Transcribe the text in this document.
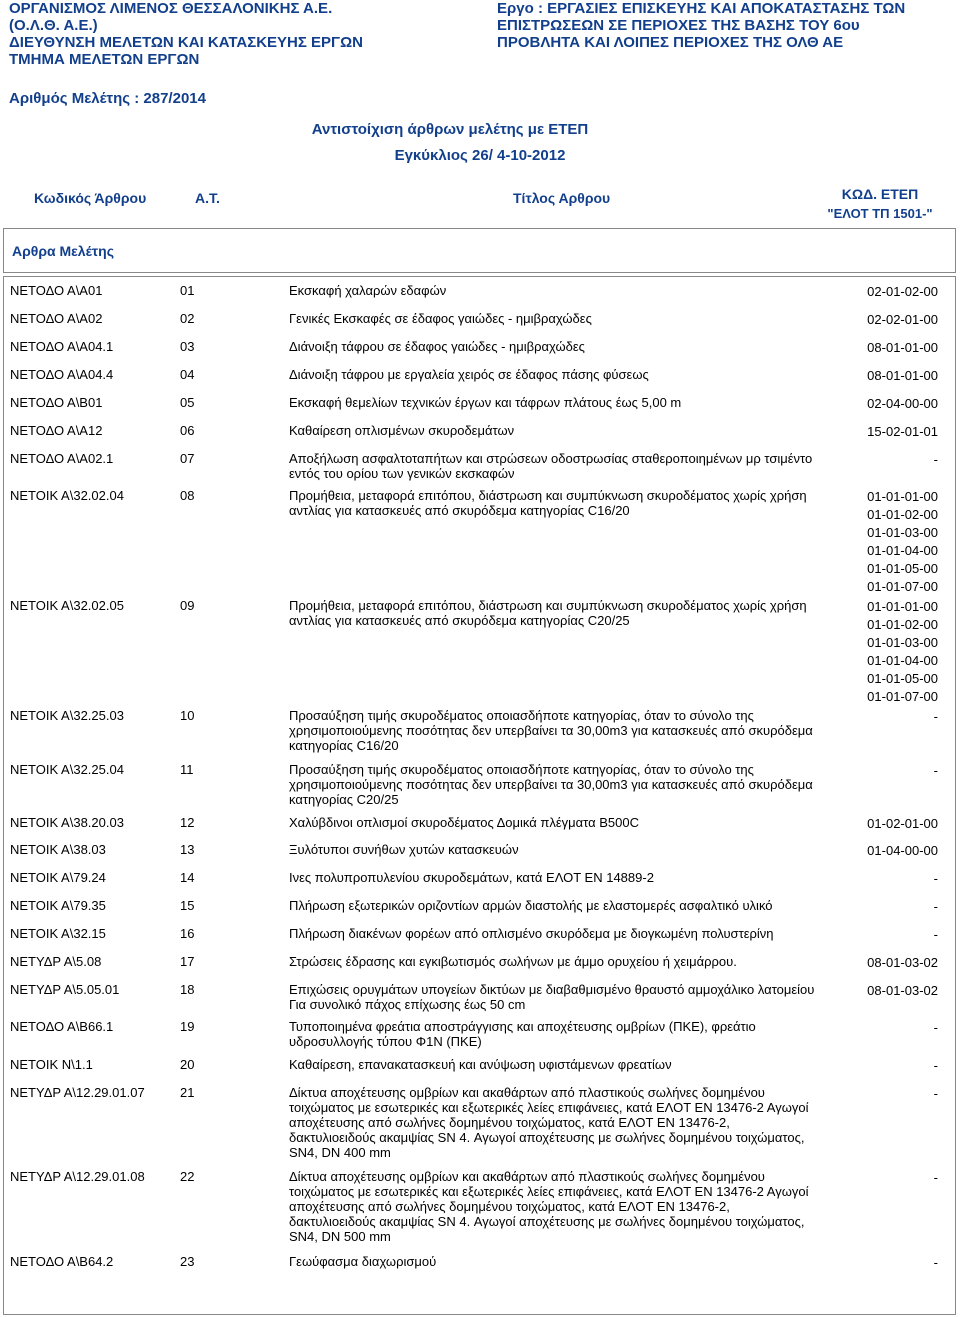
ΟΡΓΑΝΙΣΜΟΣ ΛΙΜΕΝΟΣ ΘΕΣΣΑΛΟΝΙΚΗΣ Α.Ε.
(Ο.Λ.Θ. Α.Ε.)
ΔΙΕΥΘΥΝΣΗ ΜΕΛΕΤΩΝ ΚΑΙ ΚΑΤΑΣΚΕΥΗΣ ΕΡΓΩΝ
ΤΜΗΜΑ ΜΕΛΕΤΩΝ ΕΡΓΩΝ
Εργο : ΕΡΓΑΣΙΕΣ ΕΠΙΣΚΕΥΗΣ ΚΑΙ ΑΠΟΚΑΤΑΣΤΑΣΗΣ ΤΩΝ
ΕΠΙΣΤΡΩΣΕΩΝ ΣΕ ΠΕΡΙΟΧΕΣ ΤΗΣ ΒΑΣΗΣ ΤΟΥ 6ου
ΠΡΟΒΛΗΤΑ ΚΑΙ ΛΟΙΠΕΣ ΠΕΡΙΟΧΕΣ ΤΗΣ ΟΛΘ ΑΕ
Αριθμός Μελέτης : 287/2014
Αντιστοίχιση άρθρων μελέτης με ΕΤΕΠ
Εγκύκλιος 26/ 4-10-2012
Κωδικός Άρθρου	Α.Τ.	Τίτλος Αρθρου	ΚΩΔ. ΕΤΕΠ
"ΕΛΟΤ ΤΠ 1501-"
Αρθρα Μελέτης
ΝΕΤΟΔΟ Α\Α01	01	Εκσκαφή χαλαρών εδαφών	02-01-02-00
ΝΕΤΟΔΟ Α\Α02	02	Γενικές Εκσκαφές σε έδαφος γαιώδες - ημιβραχώδες	02-02-01-00
ΝΕΤΟΔΟ Α\Α04.1	03	Διάνοιξη τάφρου σε έδαφος γαιώδες - ημιβραχώδες	08-01-01-00
ΝΕΤΟΔΟ Α\Α04.4	04	Διάνοιξη τάφρου με εργαλεία χειρός σε έδαφος πάσης φύσεως	08-01-01-00
ΝΕΤΟΔΟ Α\Β01	05	Εκσκαφή θεμελίων τεχνικών έργων και τάφρων πλάτους έως 5,00 m	02-04-00-00
ΝΕΤΟΔΟ Α\Α12	06	Καθαίρεση οπλισμένων σκυροδεμάτων	15-02-01-01
ΝΕΤΟΔΟ Α\Α02.1	07	Αποξήλωση ασφαλτοταπήτων και στρώσεων οδοστρωσίας σταθεροποιημένων μρ τσιμέντο εντός του ορίου των γενικών εκσκαφών
-
ΝΕΤΟΙΚ Α\32.02.04	08	Προμήθεια, μεταφορά επιτόπου, διάστρωση και συμπύκνωση σκυροδέματος χωρίς χρήση αντλίας για κατασκευές από σκυρόδεμα κατηγορίας C16/20
01-01-01-00
01-01-02-00
01-01-03-00
01-01-04-00
01-01-05-00
01-01-07-00
ΝΕΤΟΙΚ Α\32.02.05	09	Προμήθεια, μεταφορά επιτόπου, διάστρωση και συμπύκνωση σκυροδέματος χωρίς χρήση αντλίας για κατασκευές από σκυρόδεμα κατηγορίας C20/25
01-01-01-00
01-01-02-00
01-01-03-00
01-01-04-00
01-01-05-00
01-01-07-00
ΝΕΤΟΙΚ Α\32.25.03	10	Προσαύξηση τιμής σκυροδέματος οποιασδήποτε κατηγορίας, όταν το σύνολο της χρησιμοποιούμενης ποσότητας δεν υπερβαίνει τα 30,00m3 για κατασκευές από σκυρόδεμα κατηγορίας C16/20
-
ΝΕΤΟΙΚ Α\32.25.04	11	Προσαύξηση τιμής σκυροδέματος οποιασδήποτε κατηγορίας, όταν το σύνολο της χρησιμοποιούμενης ποσότητας δεν υπερβαίνει τα 30,00m3 για κατασκευές από σκυρόδεμα κατηγορίας C20/25
-
ΝΕΤΟΙΚ Α\38.20.03	12	Χαλύβδινοι οπλισμοί σκυροδέματος Δομικά πλέγματα B500C	01-02-01-00
ΝΕΤΟΙΚ Α\38.03	13	Ξυλότυποι συνήθων χυτών κατασκευών	01-04-00-00
ΝΕΤΟΙΚ Α\79.24	14	Ινες πολυπροπυλενίου σκυροδεμάτων, κατά ΕΛΟΤ ΕΝ 14889-2	-
ΝΕΤΟΙΚ Α\79.35	15	Πλήρωση εξωτερικών οριζοντίων αρμών διαστολής με ελαστομερές ασφαλτικό υλικό	-
ΝΕΤΟΙΚ Α\32.15	16	Πλήρωση διακένων φορέων από οπλισμένο σκυρόδεμα με διογκωμένη πολυστερίνη	-
ΝΕΤΥΔΡ Α\5.08	17	Στρώσεις έδρασης και εγκιβωτισμός σωλήνων με άμμο ορυχείου ή χειμάρρου.	08-01-03-02
ΝΕΤΥΔΡ Α\5.05.01	18	Επιχώσεις ορυγμάτων υπογείων δικτύων με διαβαθμισμένο θραυστό αμμοχάλικο λατομείου Για συνολικό πάχος επίχωσης έως 50 cm
08-01-03-02
ΝΕΤΟΔΟ Α\Β66.1	19	Τυποποιημένα φρεάτια αποστράγγισης και αποχέτευσης ομβρίων (ΠΚΕ), φρεάτιο υδροσυλλογής τύπου Φ1Ν (ΠΚΕ)
-
ΝΕΤΟΙΚ Ν\1.1	20	Καθαίρεση, επανακατασκευή και ανύψωση υφιστάμενων φρεατίων	-
ΝΕΤΥΔΡ Α\12.29.01.07	21	Δίκτυα αποχέτευσης ομβρίων και ακαθάρτων από πλαστικούς σωλήνες δομημένου τοιχώματος με εσωτερικές και εξωτερικές λείες επιφάνειες, κατά ΕΛΟΤ ΕΝ 13476-2 Αγωγοί αποχέτευσης από σωλήνες δομημένου τοιχώματος, κατά ΕΛΟΤ ΕΝ 13476-2, δακτυλιοειδούς ακαμψίας SN 4. Αγωγοί αποχέτευσης με σωλήνες δομημένου τοιχώματος, SN4, DN 400 mm
-
ΝΕΤΥΔΡ Α\12.29.01.08	22	Δίκτυα αποχέτευσης ομβρίων και ακαθάρτων από πλαστικούς σωλήνες δομημένου τοιχώματος με εσωτερικές και εξωτερικές λείες επιφάνειες, κατά ΕΛΟΤ ΕΝ 13476-2 Αγωγοί αποχέτευσης από σωλήνες δομημένου τοιχώματος, κατά ΕΛΟΤ ΕΝ 13476-2, δακτυλιοειδούς ακαμψίας SN 4. Αγωγοί αποχέτευσης με σωλήνες δομημένου τοιχώματος, SN4, DN 500 mm
-
ΝΕΤΟΔΟ Α\Β64.2	23	Γεωύφασμα διαχωρισμού	-
